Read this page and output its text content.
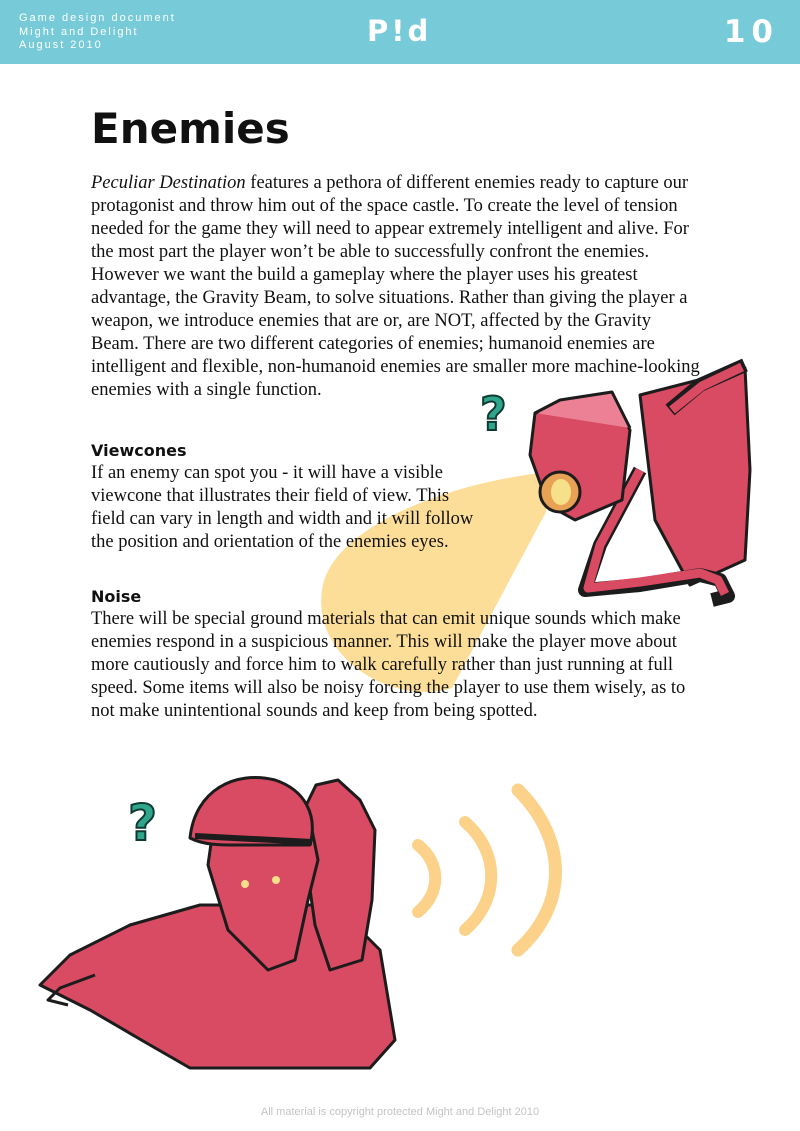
Game design document
Might and Delight
August 2010	P!d	10
?
?
Enemies

Peculiar Destination features a pethora of different enemies ready to capture our protagonist and throw him out of the space castle. To create the level of tension needed for the game they will need to appear extremely intelligent and alive. For the most part the player won’t be able to successfully confront the enemies. However we want the build a gameplay where the player uses his greatest advantage, the Gravity Beam, to solve situations. Rather than giving the player a weapon, we introduce enemies that are or, are NOT, affected by the Gravity Beam. There are two different categories of enemies; humanoid enemies are intelligent and flexible, non-humanoid enemies are smaller more machine-looking enemies with a single function.

Viewcones

If an enemy can spot you - it will have a visible viewcone that illustrates their field of view. This field can vary in length and width and it will follow the position and orientation of the enemies eyes.

Noise

There will be special ground materials that can emit unique sounds which make enemies respond in a suspicious manner. This will make the player move about more cautiously and force him to walk carefully rather than just running at full speed. Some items will also be noisy forcing the player to use them wisely, as to not make unintentional sounds and keep from being spotted.

All material is copyright protected Might and Delight 2010
